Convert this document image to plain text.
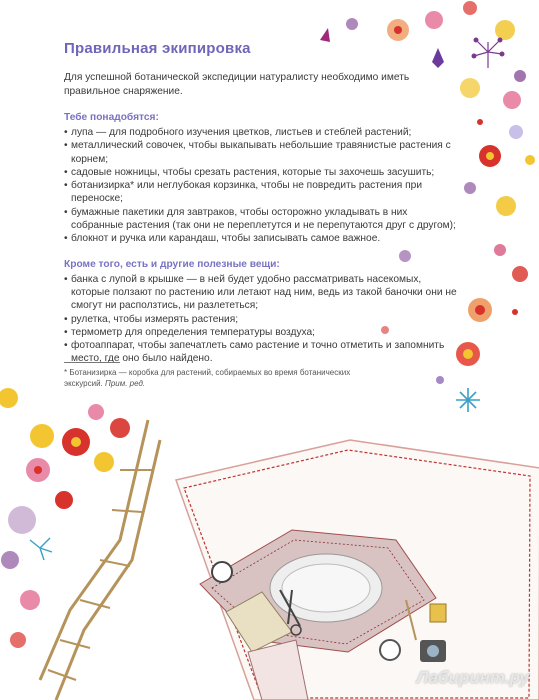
Правильная экипировка

Для успешной ботанической экспедиции натуралисту необходимо иметь правильное снаряжение.

Тебе понадобятся:
• лупа — для подробного изучения цветков, листьев и стеблей растений;
• металлический совочек, чтобы выкапывать небольшие травянистые растения с корнем;
• садовые ножницы, чтобы срезать растения, которые ты захочешь засушить;
• ботанизирка* или неглубокая корзинка, чтобы не повредить растения при переноске;
• бумажные пакетики для завтраков, чтобы осторожно укладывать в них собранные растения (так они не переплетутся и не перепутаются друг с другом);
• блокнот и ручка или карандаш, чтобы записывать самое важное.
Кроме того, есть и другие полезные вещи:
• банка с лупой в крышке — в ней будет удобно рассматривать насекомых, которые ползают по растению или летают над ним, ведь из такой баночки они не смогут ни расползтись, ни разлететься;
• рулетка, чтобы измерять растения;
• термометр для определения температуры воздуха;
• фотоаппарат, чтобы запечатлеть само растение и точно отметить и запомнить место, где оно было найдено.
* Ботанизирка — коробка для растений, собираемых во время ботанических экскурсий. Прим. ред.
Лабиринт.ру
